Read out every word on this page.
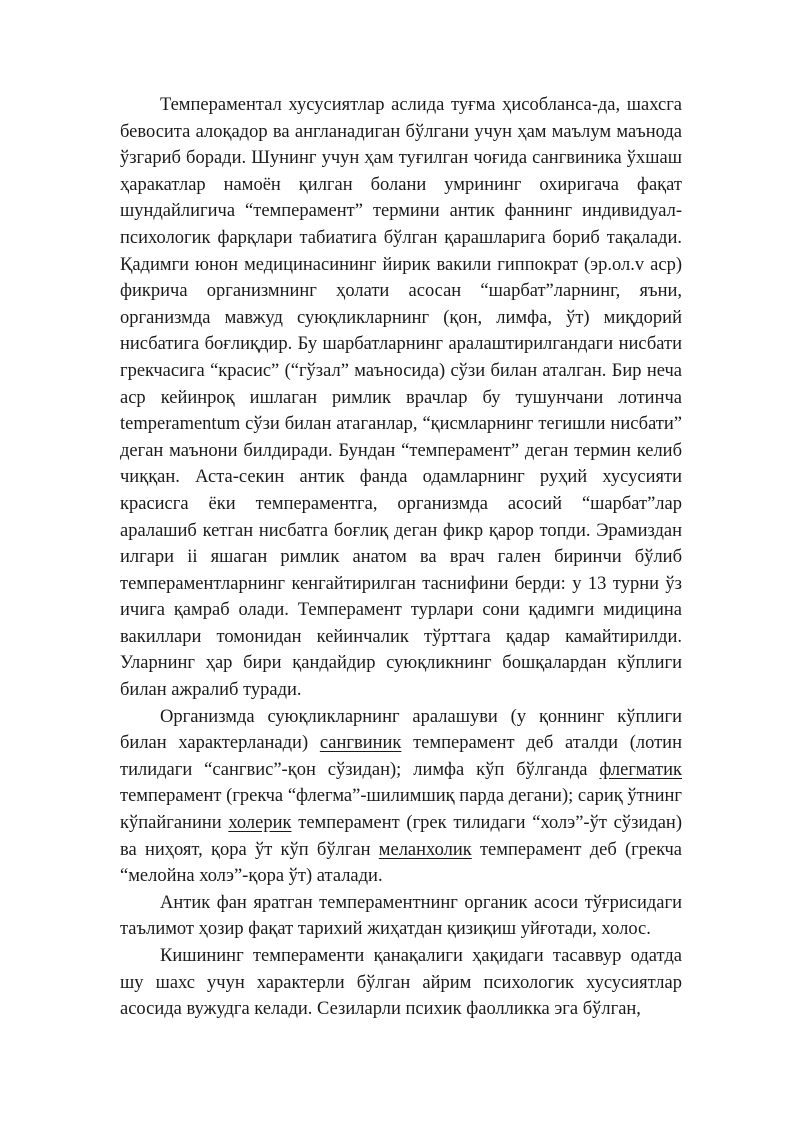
Темпераментал хусусиятлар аслида туғма ҳисобланса-да, шахсга бевосита алоқадор ва англанадиган бўлгани учун ҳам маълум маънода ўзгариб боради. Шунинг учун ҳам туғилган чоғида сангвиника ўхшаш ҳаракатлар намоён қилган болани умрининг охиригача фақат шундайлигича “темперамент” термини антик фаннинг индивидуал-психологик фарқлари табиатига бўлган қарашларига бориб тақалади. Қадимги юнон медицинасининг йирик вакили гиппократ (эр.ол.v аср) фикрича организмнинг ҳолати асосан “шарбат”ларнинг, яъни, организмда мавжуд суюқликларнинг (қон, лимфа, ўт) миқдорий нисбатига боғлиқдир. Бу шарбатларнинг аралаштирилгандаги нисбати грекчасига “красис” (“гўзал” маъносида) сўзи билан аталган. Бир неча аср кейинроқ ишлаган римлик врачлар бу тушунчани лотинча temperamentum сўзи билан атаганлар, “қисмларнинг тегишли нисбати” деган маънони билдиради. Бундан “темперамент” деган термин келиб чиққан. Аста-секин антик фанда одамларнинг руҳий хусусияти красисга ёки темпераментга, организмда асосий “шарбат”лар аралашиб кетган нисбатга боғлиқ деган фикр қарор топди. Эрамиздан илгари ii яшаган римлик анатом ва врач гален биринчи бўлиб темпераментларнинг кенгайтирилган таснифини берди: у 13 турни ўз ичига қамраб олади. Темперамент турлари сони қадимги мидицина вакиллари томонидан кейинчалик тўрттага қадар камайтирилди. Уларнинг ҳар бири қандайдир суюқликнинг бошқалардан кўплиги билан ажралиб туради.

Организмда суюқликларнинг аралашуви (у қоннинг кўплиги билан характерланади) сангвиник темперамент деб аталди (лотин тилидаги “сангвис”-қон сўзидан); лимфа кўп бўлганда флегматик темперамент (грекча “флегма”-шилимшиқ парда дегани); сариқ ўтнинг кўпайганини холерик темперамент (грек тилидаги “холэ”-ўт сўзидан) ва ниҳоят, қора ўт кўп бўлган меланхолик темперамент деб (грекча “мелойна холэ”-қора ўт) аталади.

Антик фан яратган темпераментнинг органик асоси тўғрисидаги таълимот ҳозир фақат тарихий жиҳатдан қизиқиш уйғотади, холос.

Кишининг темпераменти қанақалиги ҳақидаги тасаввур одатда шу шахс учун характерли бўлган айрим психологик хусусиятлар асосида вужудга келади. Сезиларли психик фаолликка эга бўлган,
